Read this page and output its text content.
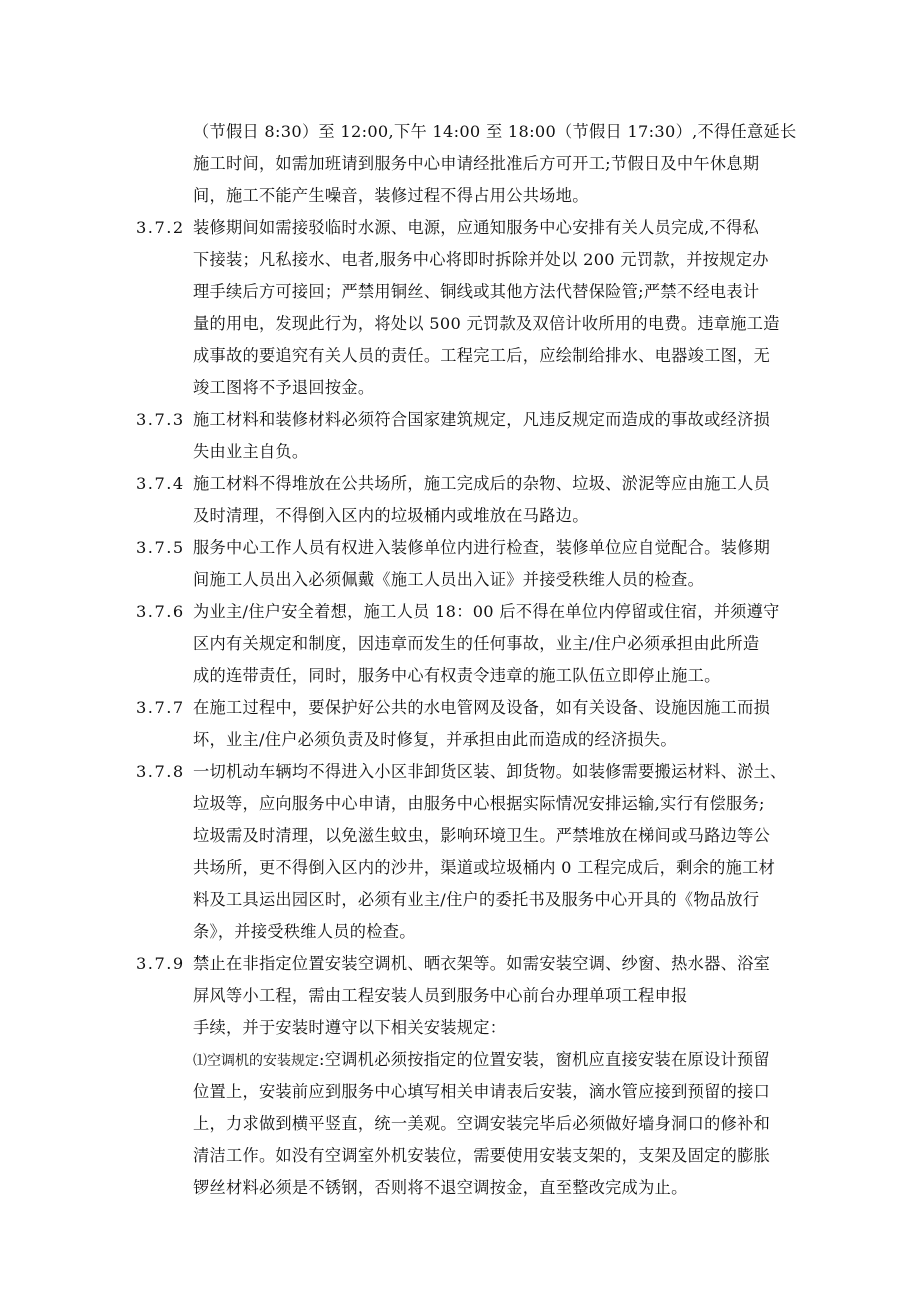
（节假日 8:30）至 12:00,下午 14:00 至 18:00（节假日 17:30）,不得任意延长
施工时间，如需加班请到服务中心申请经批准后方可开工;节假日及中午休息期
间，施工不能产生噪音，装修过程不得占用公共场地。
3.7.2 装修期间如需接驳临时水源、电源，应通知服务中心安排有关人员完成,不得私
下接装；凡私接水、电者,服务中心将即时拆除并处以 200 元罚款，并按规定办
理手续后方可接回；严禁用铜丝、铜线或其他方法代替保险管;严禁不经电表计
量的用电，发现此行为，将处以 500 元罚款及双倍计收所用的电费。违章施工造
成事故的要追究有关人员的责任。工程完工后，应绘制给排水、电器竣工图，无
竣工图将不予退回按金。
3.7.3 施工材料和装修材料必须符合国家建筑规定，凡违反规定而造成的事故或经济损
失由业主自负。
3.7.4 施工材料不得堆放在公共场所，施工完成后的杂物、垃圾、淤泥等应由施工人员
及时清理，不得倒入区内的垃圾桶内或堆放在马路边。
3.7.5 服务中心工作人员有权进入装修单位内进行检查，装修单位应自觉配合。装修期
间施工人员出入必须佩戴《施工人员出入证》并接受秩维人员的检查。
3.7.6 为业主/住户安全着想，施工人员 18：00 后不得在单位内停留或住宿，并须遵守
区内有关规定和制度，因违章而发生的任何事故，业主/住户必须承担由此所造
成的连带责任，同时，服务中心有权责令违章的施工队伍立即停止施工。
3.7.7 在施工过程中，要保护好公共的水电管网及设备，如有关设备、设施因施工而损
坏，业主/住户必须负责及时修复，并承担由此而造成的经济损失。
3.7.8 一切机动车辆均不得进入小区非卸货区装、卸货物。如装修需要搬运材料、淤土、
垃圾等，应向服务中心申请，由服务中心根据实际情况安排运输,实行有偿服务;
垃圾需及时清理，以免滋生蚊虫，影响环境卫生。严禁堆放在梯间或马路边等公
共场所，更不得倒入区内的沙井，渠道或垃圾桶内 0 工程完成后，剩余的施工材
料及工具运出园区时，必须有业主/住户的委托书及服务中心开具的《物品放行
条》，并接受秩维人员的检查。
3.7.9 禁止在非指定位置安装空调机、晒衣架等。如需安装空调、纱窗、热水器、浴室
屏风等小工程，需由工程安装人员到服务中心前台办理单项工程申报
手续，并于安装时遵守以下相关安装规定：
⑴空调机的安装规定:空调机必须按指定的位置安装，窗机应直接安装在原设计预留
位置上，安装前应到服务中心填写相关申请表后安装，滴水管应接到预留的接口
上，力求做到横平竖直，统一美观。空调安装完毕后必须做好墙身洞口的修补和
清洁工作。如没有空调室外机安装位，需要使用安装支架的，支架及固定的膨胀
锣丝材料必须是不锈钢，否则将不退空调按金，直至整改完成为止。
